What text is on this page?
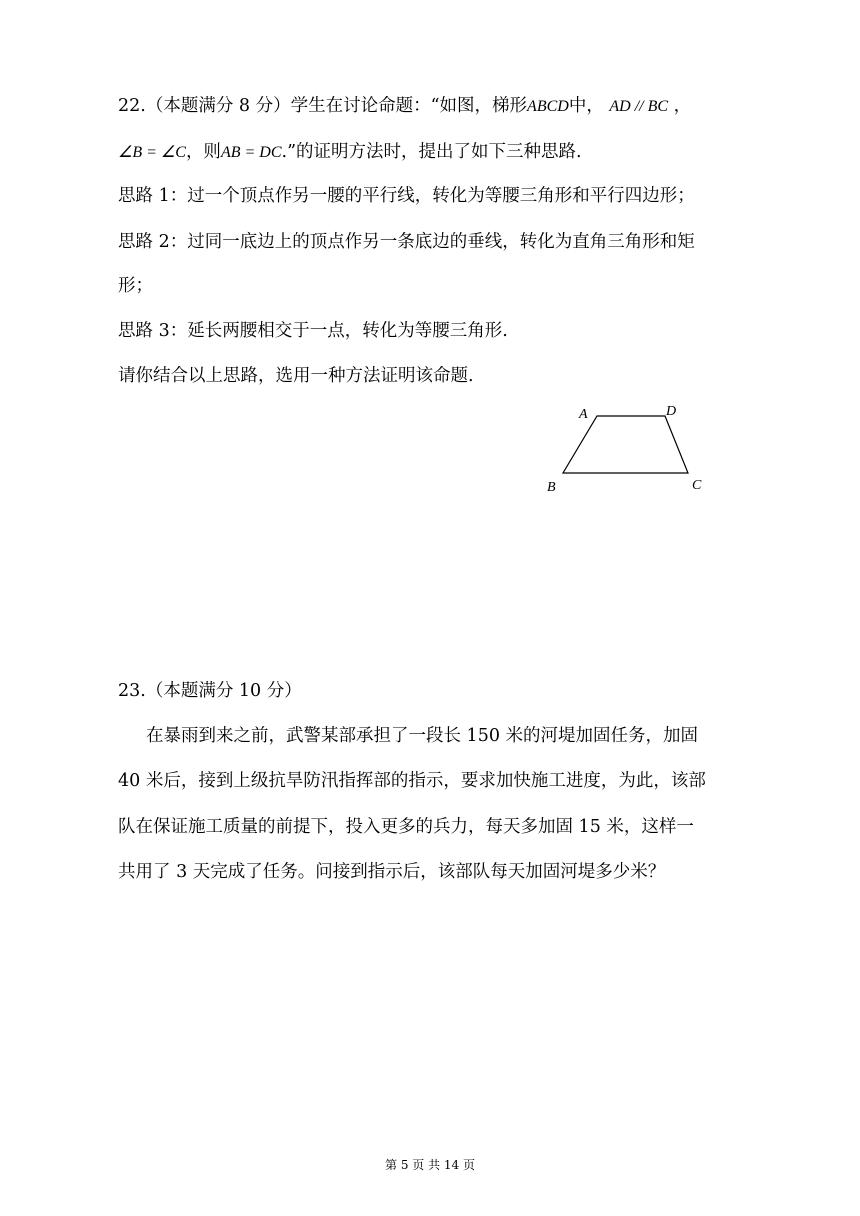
22.（本题满分 8 分）学生在讨论命题：“如图，梯形ABCD中， AD // BC ，
∠B = ∠C，则AB = DC.”的证明方法时，提出了如下三种思路.
思路 1：过一个顶点作另一腰的平行线，转化为等腰三角形和平行四边形；
思路 2：过同一底边上的顶点作另一条底边的垂线，转化为直角三角形和矩
形；
思路 3：延长两腰相交于一点，转化为等腰三角形.
请你结合以上思路，选用一种方法证明该命题.
A	D
B	C
23.（本题满分 10 分）
在暴雨到来之前，武警某部承担了一段长 150 米的河堤加固任务，加固
40 米后，接到上级抗旱防汛指挥部的指示，要求加快施工进度，为此，该部
队在保证施工质量的前提下，投入更多的兵力，每天多加固 15 米，这样一
共用了 3 天完成了任务。问接到指示后，该部队每天加固河堤多少米？
第 5 页 共 14 页
